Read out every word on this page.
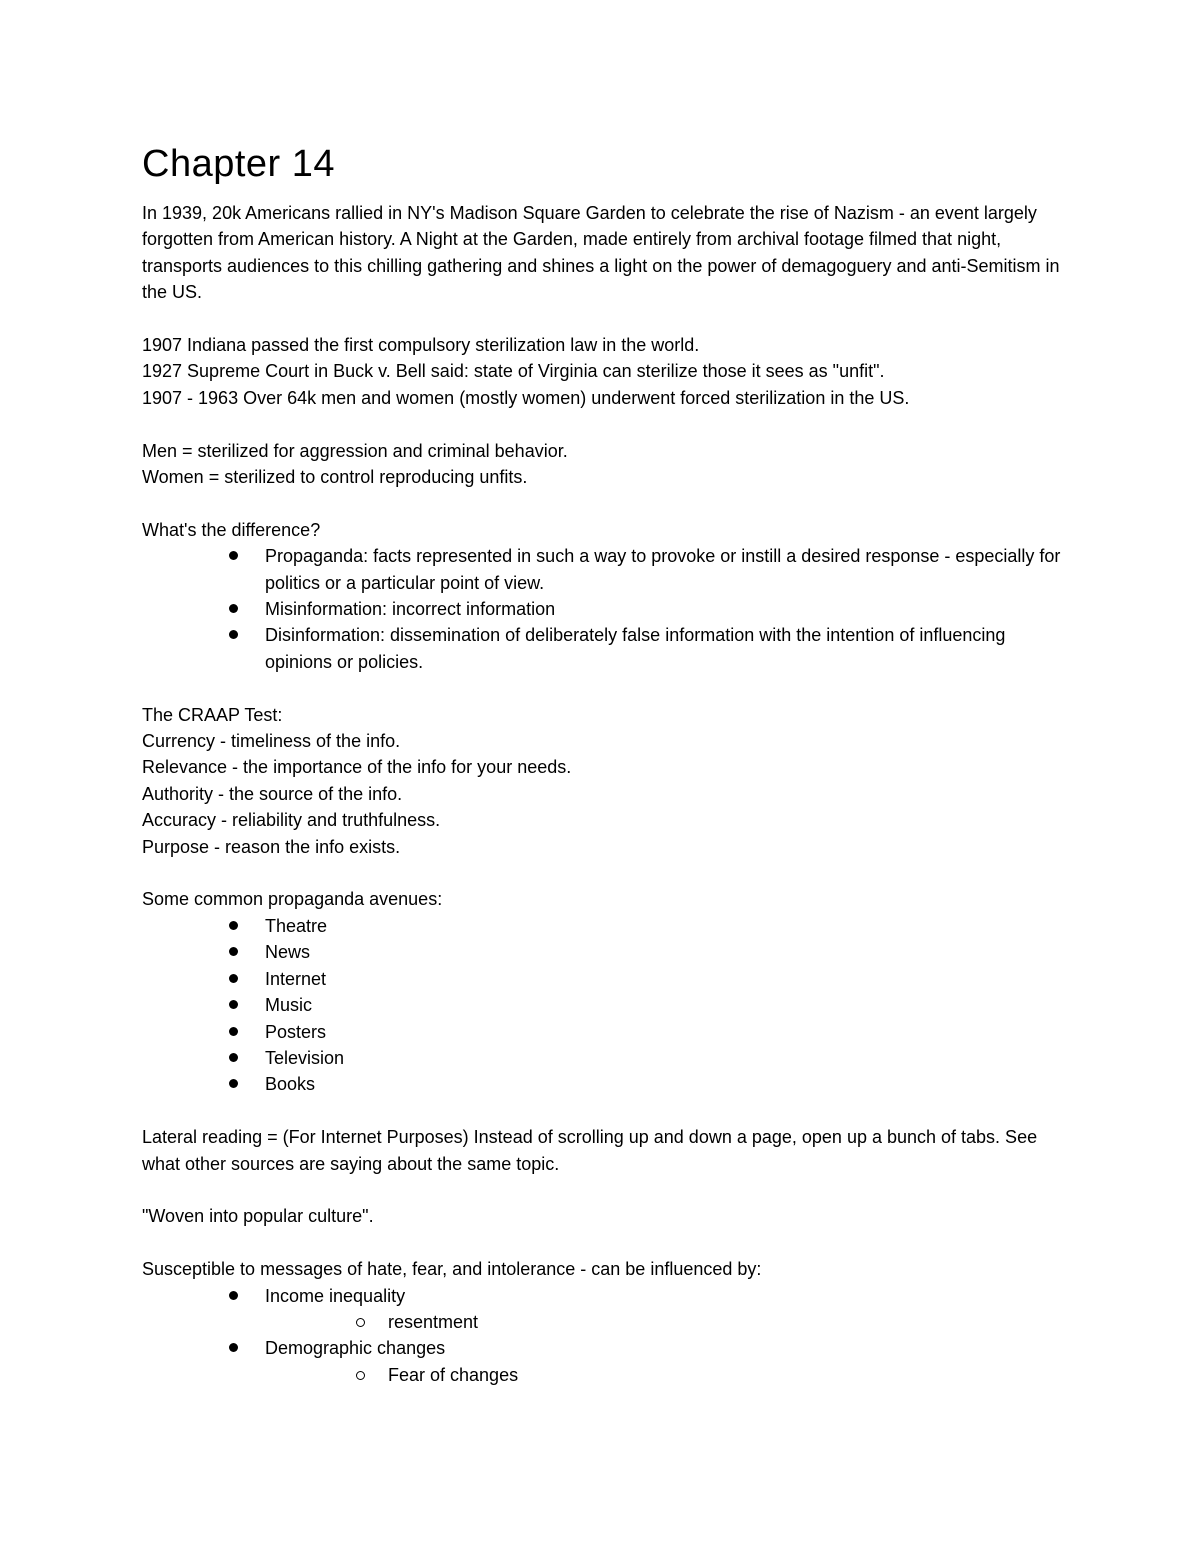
Chapter 14

In 1939, 20k Americans rallied in NY's Madison Square Garden to celebrate the rise of Nazism - an event largely forgotten from American history. A Night at the Garden, made entirely from archival footage filmed that night, transports audiences to this chilling gathering and shines a light on the power of demagoguery and anti-Semitism in the US.

1907 Indiana passed the first compulsory sterilization law in the world.
1927 Supreme Court in Buck v. Bell said: state of Virginia can sterilize those it sees as "unfit".
1907 - 1963 Over 64k men and women (mostly women) underwent forced sterilization in the US.
Men = sterilized for aggression and criminal behavior.
Women = sterilized to control reproducing unfits.
What's the difference?
Propaganda: facts represented in such a way to provoke or instill a desired response - especially for politics or a particular point of view.
Misinformation: incorrect information
Disinformation: dissemination of deliberately false information with the intention of influencing opinions or policies.
The CRAAP Test:
Currency - timeliness of the info.
Relevance - the importance of the info for your needs.
Authority - the source of the info.
Accuracy - reliability and truthfulness.
Purpose - reason the info exists.
Some common propaganda avenues:
Theatre
News
Internet
Music
Posters
Television
Books

Lateral reading = (For Internet Purposes) Instead of scrolling up and down a page, open up a bunch of tabs. See what other sources are saying about the same topic.

"Woven into popular culture".

Susceptible to messages of hate, fear, and intolerance - can be influenced by:
Income inequality
resentment
Demographic changes
Fear of changes
